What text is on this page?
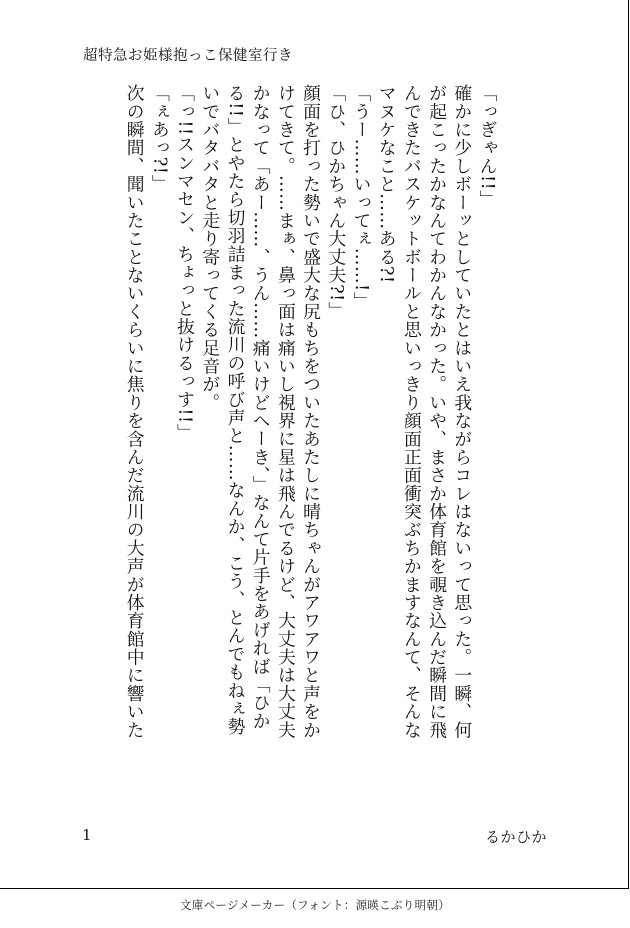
超特急お姫様抱っこ保健室行き
「っぎゃん!!」
確かに少しボーッとしていたとはいえ我ながらコレはないって思った。一瞬、何
が起こったかなんてわかんなかった。いや、まさか体育館を覗き込んだ瞬間に飛
んできたバスケットボールと思いっきり顔面正面衝突ぶちかますなんて、そんな
マヌケなこと……ある?!
「うー……いってぇ……!」
「ひ、ひかちゃん大丈夫?!」
顔面を打った勢いで盛大な尻もちをついたあたしに晴ちゃんがアワアワと声をか
けてきて。……まぁ、鼻っ面は痛いし視界に星は飛んでるけど、大丈夫は大丈夫
かなって「あー……、うん……痛いけどへーき、」なんて片手をあげれば「ひか
る!!」とやたら切羽詰まった流川の呼び声と……なんか、こう、とんでもねぇ勢
いでバタバタと走り寄ってくる足音が。
「っ!!スンマセン、ちょっと抜けるっす!!」
「ぇあっ?!」
次の瞬間、聞いたことないくらいに焦りを含んだ流川の大声が体育館中に響いた
1	るかひか
文庫ページメーカー（フォント：源暎こぶり明朝）
